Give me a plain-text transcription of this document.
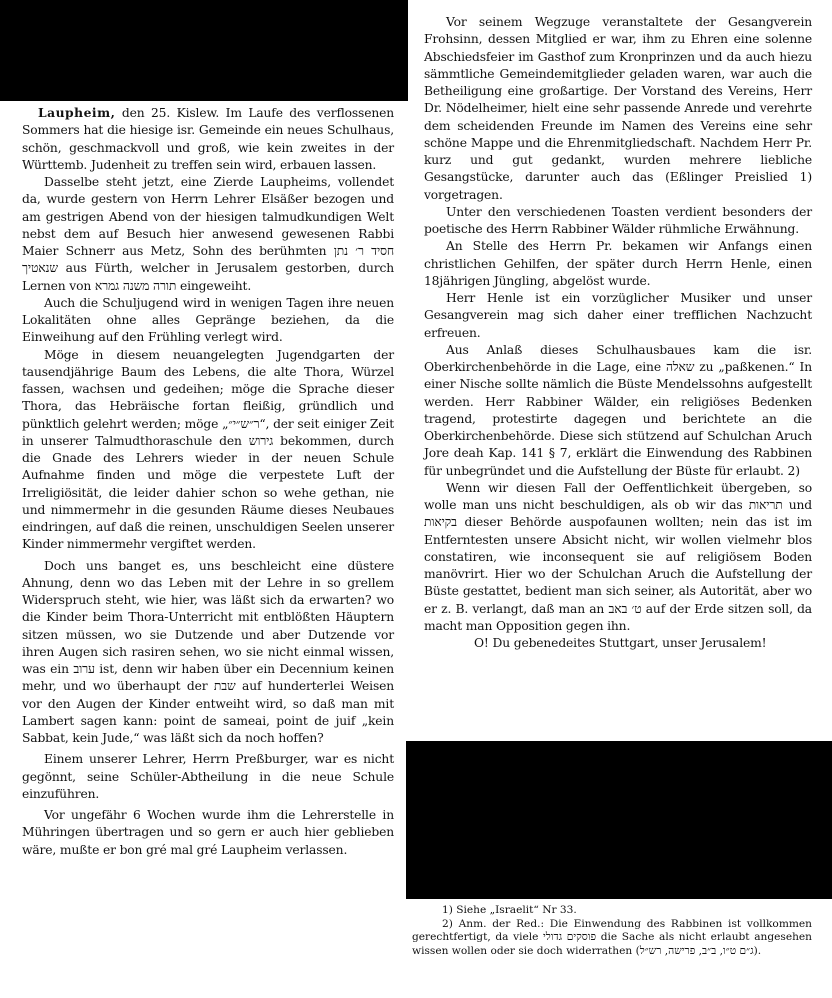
Laupheim, den 25. Kislew. Im Laufe des verflossenen Sommers hat die hiesige isr. Gemeinde ein neues Schulhaus, schön, geschmackvoll und groß, wie kein zweites in der Württemb. Judenheit zu treffen sein wird, erbauen lassen.

Dasselbe steht jetzt, eine Zierde Laupheims, vollendet da, wurde gestern von Herrn Lehrer Elsäßer bezogen und am gestrigen Abend von der hiesigen talmudkundigen Welt nebst dem auf Besuch hier anwesend gewesenen Rabbi Maier Schnerr aus Metz, Sohn des berühmten חסיד ר׳ נתן שנאטיך aus Fürth, welcher in Jerusalem gestorben, durch Lernen von תורה משנה גמרא eingeweiht.

Auch die Schuljugend wird in wenigen Tagen ihre neuen Lokalitäten ohne alles Gepränge beziehen, da die Einweihung auf den Frühling verlegt wird.

Möge in diesem neuangelegten Jugendgarten der tausendjährige Baum des Lebens, die alte Thora, Würzel fassen, wachsen und gedeihen; möge die Sprache dieser Thora, das Hebräische fortan fleißig, gründlich und pünktlich gelehrt werden; möge „ר״ש״י״“, der seit einiger Zeit in unserer Talmudthoraschule den גירוש bekommen, durch die Gnade des Lehrers wieder in der neuen Schule Aufnahme finden und möge die verpestete Luft der Irreligiösität, die leider dahier schon so wehe gethan, nie und nimmermehr in die gesunden Räume dieses Neubaues eindringen, auf daß die reinen, unschuldigen Seelen unserer Kinder nimmermehr vergiftet werden.

Doch uns banget es, uns beschleicht eine düstere Ahnung, denn wo das Leben mit der Lehre in so grellem Widerspruch steht, wie hier, was läßt sich da erwarten? wo die Kinder beim Thora-Unterricht mit entblößten Häuptern sitzen müssen, wo sie Dutzende und aber Dutzende vor ihren Augen sich rasiren sehen, wo sie nicht einmal wissen, was ein ערוב ist, denn wir haben über ein Decennium keinen mehr, und wo überhaupt der שבת auf hunderterlei Weisen vor den Augen der Kinder entweiht wird, so daß man mit Lambert sagen kann: point de sameai, point de juif „kein Sabbat, kein Jude,“ was läßt sich da noch hoffen?

Einem unserer Lehrer, Herrn Preßburger, war es nicht gegönnt, seine Schüler-Abtheilung in die neue Schule einzuführen.

Vor ungefähr 6 Wochen wurde ihm die Lehrerstelle in Mühringen übertragen und so gern er auch hier geblieben wäre, mußte er bon gré mal gré Laupheim verlassen.

Vor seinem Wegzuge veranstaltete der Gesangverein Frohsinn, dessen Mitglied er war, ihm zu Ehren eine solenne Abschiedsfeier im Gasthof zum Kronprinzen und da auch hiezu sämmtliche Gemeindemitglieder geladen waren, war auch die Betheiligung eine großartige. Der Vorstand des Vereins, Herr Dr. Nödelheimer, hielt eine sehr passende Anrede und verehrte dem scheidenden Freunde im Namen des Vereins eine sehr schöne Mappe und die Ehrenmitgliedschaft. Nachdem Herr Pr. kurz und gut gedankt, wurden mehrere liebliche Gesangstücke, darunter auch das (Eßlinger Preislied 1) vorgetragen.

Unter den verschiedenen Toasten verdient besonders der poetische des Herrn Rabbiner Wälder rühmliche Erwähnung.

An Stelle des Herrn Pr. bekamen wir Anfangs einen christlichen Gehilfen, der später durch Herrn Henle, einen 18jährigen Jüngling, abgelöst wurde.

Herr Henle ist ein vorzüglicher Musiker und unser Gesangverein mag sich daher einer trefflichen Nachzucht erfreuen.

Aus Anlaß dieses Schulhausbaues kam die isr. Oberkirchenbehörde in die Lage, eine שאלה zu „paßkenen.“ In einer Nische sollte nämlich die Büste Mendelssohns aufgestellt werden. Herr Rabbiner Wälder, ein religiöses Bedenken tragend, protestirte dagegen und berichtete an die Oberkirchenbehörde. Diese sich stützend auf Schulchan Aruch Jore deah Kap. 141 § 7, erklärt die Einwendung des Rabbinen für unbegründet und die Aufstellung der Büste für erlaubt. 2)

Wenn wir diesen Fall der Oeffentlichkeit übergeben, so wolle man uns nicht beschuldigen, als ob wir das תריאות und בקיאות dieser Behörde auspofaunen wollten; nein das ist im Entferntesten unsere Absicht nicht, wir wollen vielmehr blos constatiren, wie inconsequent sie auf religiösem Boden manövrirt. Hier wo der Schulchan Aruch die Aufstellung der Büste gestattet, bedient man sich seiner, als Autorität, aber wo er z. B. verlangt, daß man an ט׳ באב auf der Erde sitzen soll, da macht man Opposition gegen ihn.

O! Du gebenedeites Stuttgart, unser Jerusalem!

1) Siehe „Israelit“ Nr 33.

2) Anm. der Red.: Die Einwendung des Rabbinen ist vollkommen gerechtfertigt, da viele פוסקים גדולי die Sache als nicht erlaubt angesehen wissen wollen oder sie doch widerrathen (ג״ם ט״ו, ב״ב, פרישה, רש״ל).
